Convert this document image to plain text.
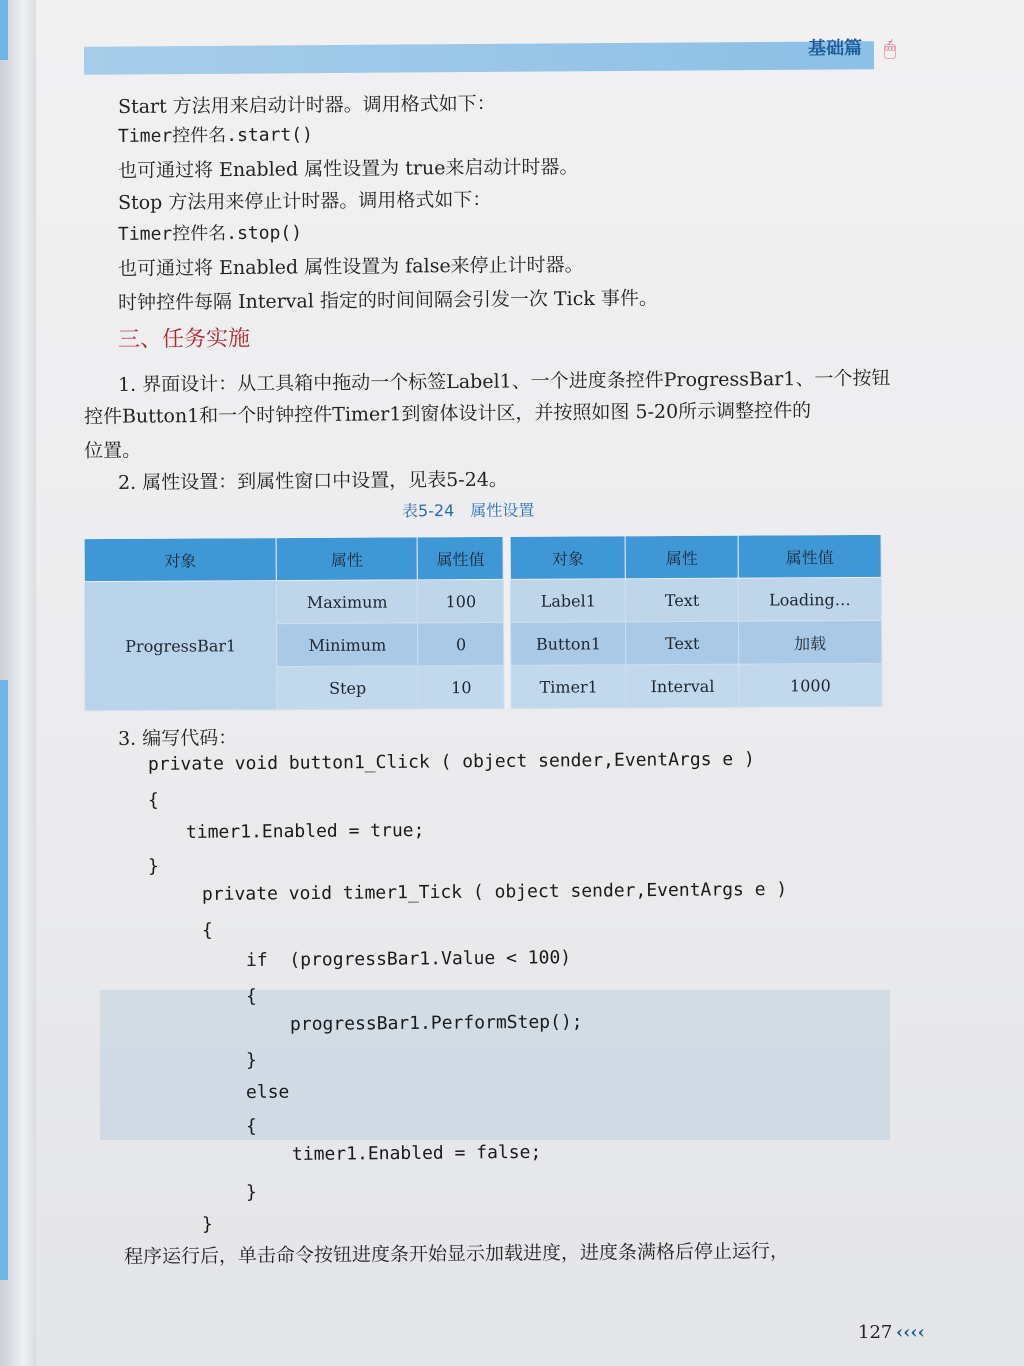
基础篇 🖱
Start 方法用来启动计时器。调用格式如下：
Timer控件名.start()
也可通过将 Enabled 属性设置为 true来启动计时器。
Stop 方法用来停止计时器。调用格式如下：
Timer控件名.stop()
也可通过将 Enabled 属性设置为 false来停止计时器。
时钟控件每隔 Interval 指定的时间间隔会引发一次 Tick 事件。
三、任务实施
1. 界面设计：从工具箱中拖动一个标签Label1、一个进度条控件ProgressBar1、一个按钮
控件Button1和一个时钟控件Timer1到窗体设计区，并按照如图 5-20所示调整控件的
位置。
2. 属性设置：到属性窗口中设置，见表5-24。
表5-24　属性设置
对象	属性	属性值		对象	属性	属性值
ProgressBar1	Maximum	100		Label1	Text	Loading…
	Minimum	0		Button1	Text	加载
	Step	10		Timer1	Interval	1000
3. 编写代码：
private void button1_Click ( object sender,EventArgs e )
{
timer1.Enabled = true;
}
private void timer1_Tick ( object sender,EventArgs e )
{
if  (progressBar1.Value < 100)
{
progressBar1.PerformStep();
}
else
{
timer1.Enabled = false;
}
}
程序运行后，单击命令按钮进度条开始显示加载进度，进度条满格后停止运行，
127 ‹‹‹‹
